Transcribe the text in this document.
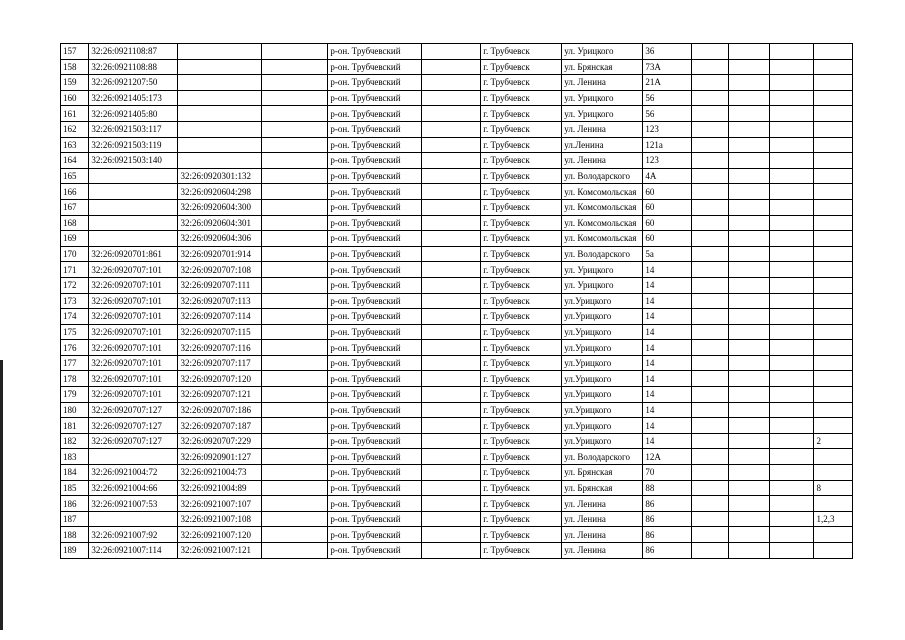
157	32:26:0921108:87			р-он. Трубчевский		г. Трубчевск	ул. Урицкого	36				
158	32:26:0921108:88			р-он. Трубчевский		г. Трубчевск	ул. Брянская	73А				
159	32:26:0921207:50			р-он. Трубчевский		г. Трубчевск	ул. Ленина	21А				
160	32:26:0921405:173			р-он. Трубчевский		г. Трубчевск	ул. Урицкого	56				
161	32:26:0921405:80			р-он. Трубчевский		г. Трубчевск	ул. Урицкого	56				
162	32:26:0921503:117			р-он. Трубчевский		г. Трубчевск	ул. Ленина	123				
163	32:26:0921503:119			р-он. Трубчевский		г. Трубчевск	ул.Ленина	121а				
164	32:26:0921503:140			р-он. Трубчевский		г. Трубчевск	ул. Ленина	123				
165		32:26:0920301:132		р-он. Трубчевский		г. Трубчевск	ул. Володарского	4А				
166		32:26:0920604:298		р-он. Трубчевский		г. Трубчевск	ул. Комсомольская	60				
167		32:26:0920604:300		р-он. Трубчевский		г. Трубчевск	ул. Комсомольская	60				
168		32:26:0920604:301		р-он. Трубчевский		г. Трубчевск	ул. Комсомольская	60				
169		32:26:0920604:306		р-он. Трубчевский		г. Трубчевск	ул. Комсомольская	60				
170	32:26:0920701:861	32:26:0920701:914		р-он. Трубчевский		г. Трубчевск	ул. Володарского	5а				
171	32:26:0920707:101	32:26:0920707:108		р-он. Трубчевский		г. Трубчевск	ул. Урицкого	14				
172	32:26:0920707:101	32:26:0920707:111		р-он. Трубчевский		г. Трубчевск	ул. Урицкого	14				
173	32:26:0920707:101	32:26:0920707:113		р-он. Трубчевский		г. Трубчевск	ул.Урицкого	14				
174	32:26:0920707:101	32:26:0920707:114		р-он. Трубчевский		г. Трубчевск	ул.Урицкого	14				
175	32:26:0920707:101	32:26:0920707:115		р-он. Трубчевский		г. Трубчевск	ул.Урицкого	14				
176	32:26:0920707:101	32:26:0920707:116		р-он. Трубчевский		г. Трубчевск	ул.Урицкого	14				
177	32:26:0920707:101	32:26:0920707:117		р-он. Трубчевский		г. Трубчевск	ул.Урицкого	14				
178	32:26:0920707:101	32:26:0920707:120		р-он. Трубчевский		г. Трубчевск	ул.Урицкого	14				
179	32:26:0920707:101	32:26:0920707:121		р-он. Трубчевский		г. Трубчевск	ул.Урицкого	14				
180	32:26:0920707:127	32:26:0920707:186		р-он. Трубчевский		г. Трубчевск	ул.Урицкого	14				
181	32:26:0920707:127	32:26:0920707:187		р-он. Трубчевский		г. Трубчевск	ул.Урицкого	14				
182	32:26:0920707:127	32:26:0920707:229		р-он. Трубчевский		г. Трубчевск	ул.Урицкого	14				2
183		32:26:0920901:127		р-он. Трубчевский		г. Трубчевск	ул. Володарского	12А				
184	32:26:0921004:72	32:26:0921004:73		р-он. Трубчевский		г. Трубчевск	ул. Брянская	70				
185	32:26:0921004:66	32:26:0921004:89		р-он. Трубчевский		г. Трубчевск	ул. Брянская	88				8
186	32:26:0921007:53	32:26:0921007:107		р-он. Трубчевский		г. Трубчевск	ул. Ленина	86				
187		32:26:0921007:108		р-он. Трубчевский		г. Трубчевск	ул. Ленина	86				1,2,3
188	32:26:0921007:92	32:26:0921007:120		р-он. Трубчевский		г. Трубчевск	ул. Ленина	86				
189	32:26:0921007:114	32:26:0921007:121		р-он. Трубчевский		г. Трубчевск	ул. Ленина	86				
